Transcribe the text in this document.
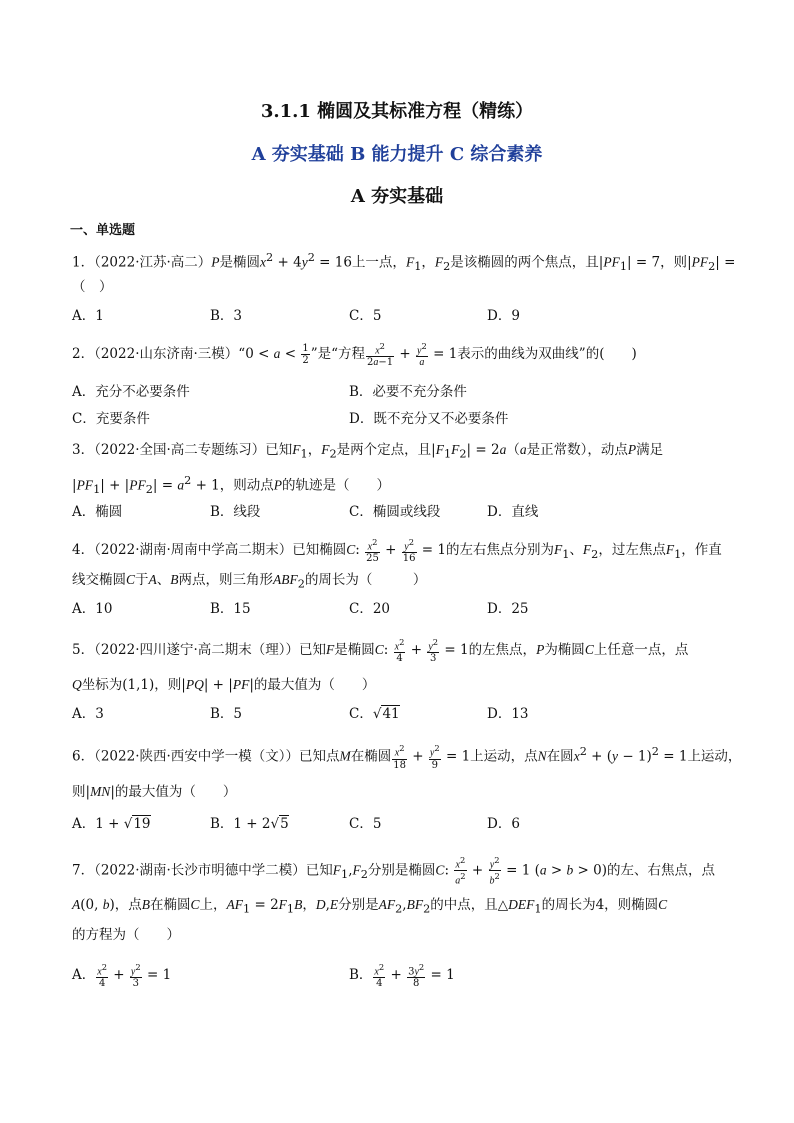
3.1.1 椭圆及其标准方程（精练）
A 夯实基础 B 能力提升 C 综合素养
A 夯实基础
一、单选题
1．（2022·江苏·高二）P是椭圆$x^2 + 4y^2 = 16$上一点，$F_1$，$F_2$是该椭圆的两个焦点，且$|PF_1| = 7$，则$|PF_2|$ =
（　）
A．1	B．3	C．5	D．9
2．（2022·山东济南·三模）“0 < $a < \frac{1}{2}$ ”是“方程 $\frac{x^2}{2a-1} + \frac{y^2}{a} = 1$表示的曲线为双曲线”的(　　)
A．充分不必要条件	B．必要不充分条件
C．充要条件	D．既不充分又不必要条件
3．（2022·全国·高二专题练习）已知$F_1$，$F_2$是两个定点，且$|F_1F_2| = 2a(a$是正常数），动点P满足
$|PF_1| + |PF_2| = a^2 + 1$，则动点P的轨迹是（　　）
A．椭圆	B．线段	C．椭圆或线段	D．直线
4．（2022·湖南·周南中学高二期末）已知椭圆C: $\frac{x^2}{25} + \frac{y^2}{16} = 1$的左右焦点分别为$F_1$、$F_2$，过左焦点$F_1$，作直
线交椭圆C于A、B两点，则三角形$ABF_2$的周长为（　　　）
A．10	B．15	C．20	D．25
5．（2022·四川遂宁·高二期末（理））已知F是椭圆C: $\frac{x^2}{4} + \frac{y^2}{3} = 1$的左焦点，P为椭圆C上任意一点，点
Q坐标为(1,1)，则|PQ| + |PF|的最大值为（　　）
A．3	B．5	C．√41	D．13
6．（2022·陕西·西安中学一模（文））已知点M在椭圆 $\frac{x^2}{18} + \frac{y^2}{9} = 1$上运动，点N在圆$x^2 + (y - 1)^2 = 1$上运动，
则|MN|的最大值为（　　）
A．1 + √19	B．1 + 2√5	C．5	D．6
7．（2022·湖南·长沙市明德中学二模）已知$F_1,F_2$分别是椭圆C: $\frac{x^2}{a^2} + \frac{y^2}{b^2} = 1$ (a > b > 0)的左、右焦点，点
A(0, b)，点B在椭圆C上，$AF_1 = 2F_1B$，D,E分别是$AF_2,BF_2$的中点，且$\triangle DEF_1$的周长为4，则椭圆C
的方程为（　　）
A． $\frac{x^2}{4} + \frac{y^2}{3} = 1$	B． $\frac{x^2}{4} + \frac{3y^2}{8} = 1$
